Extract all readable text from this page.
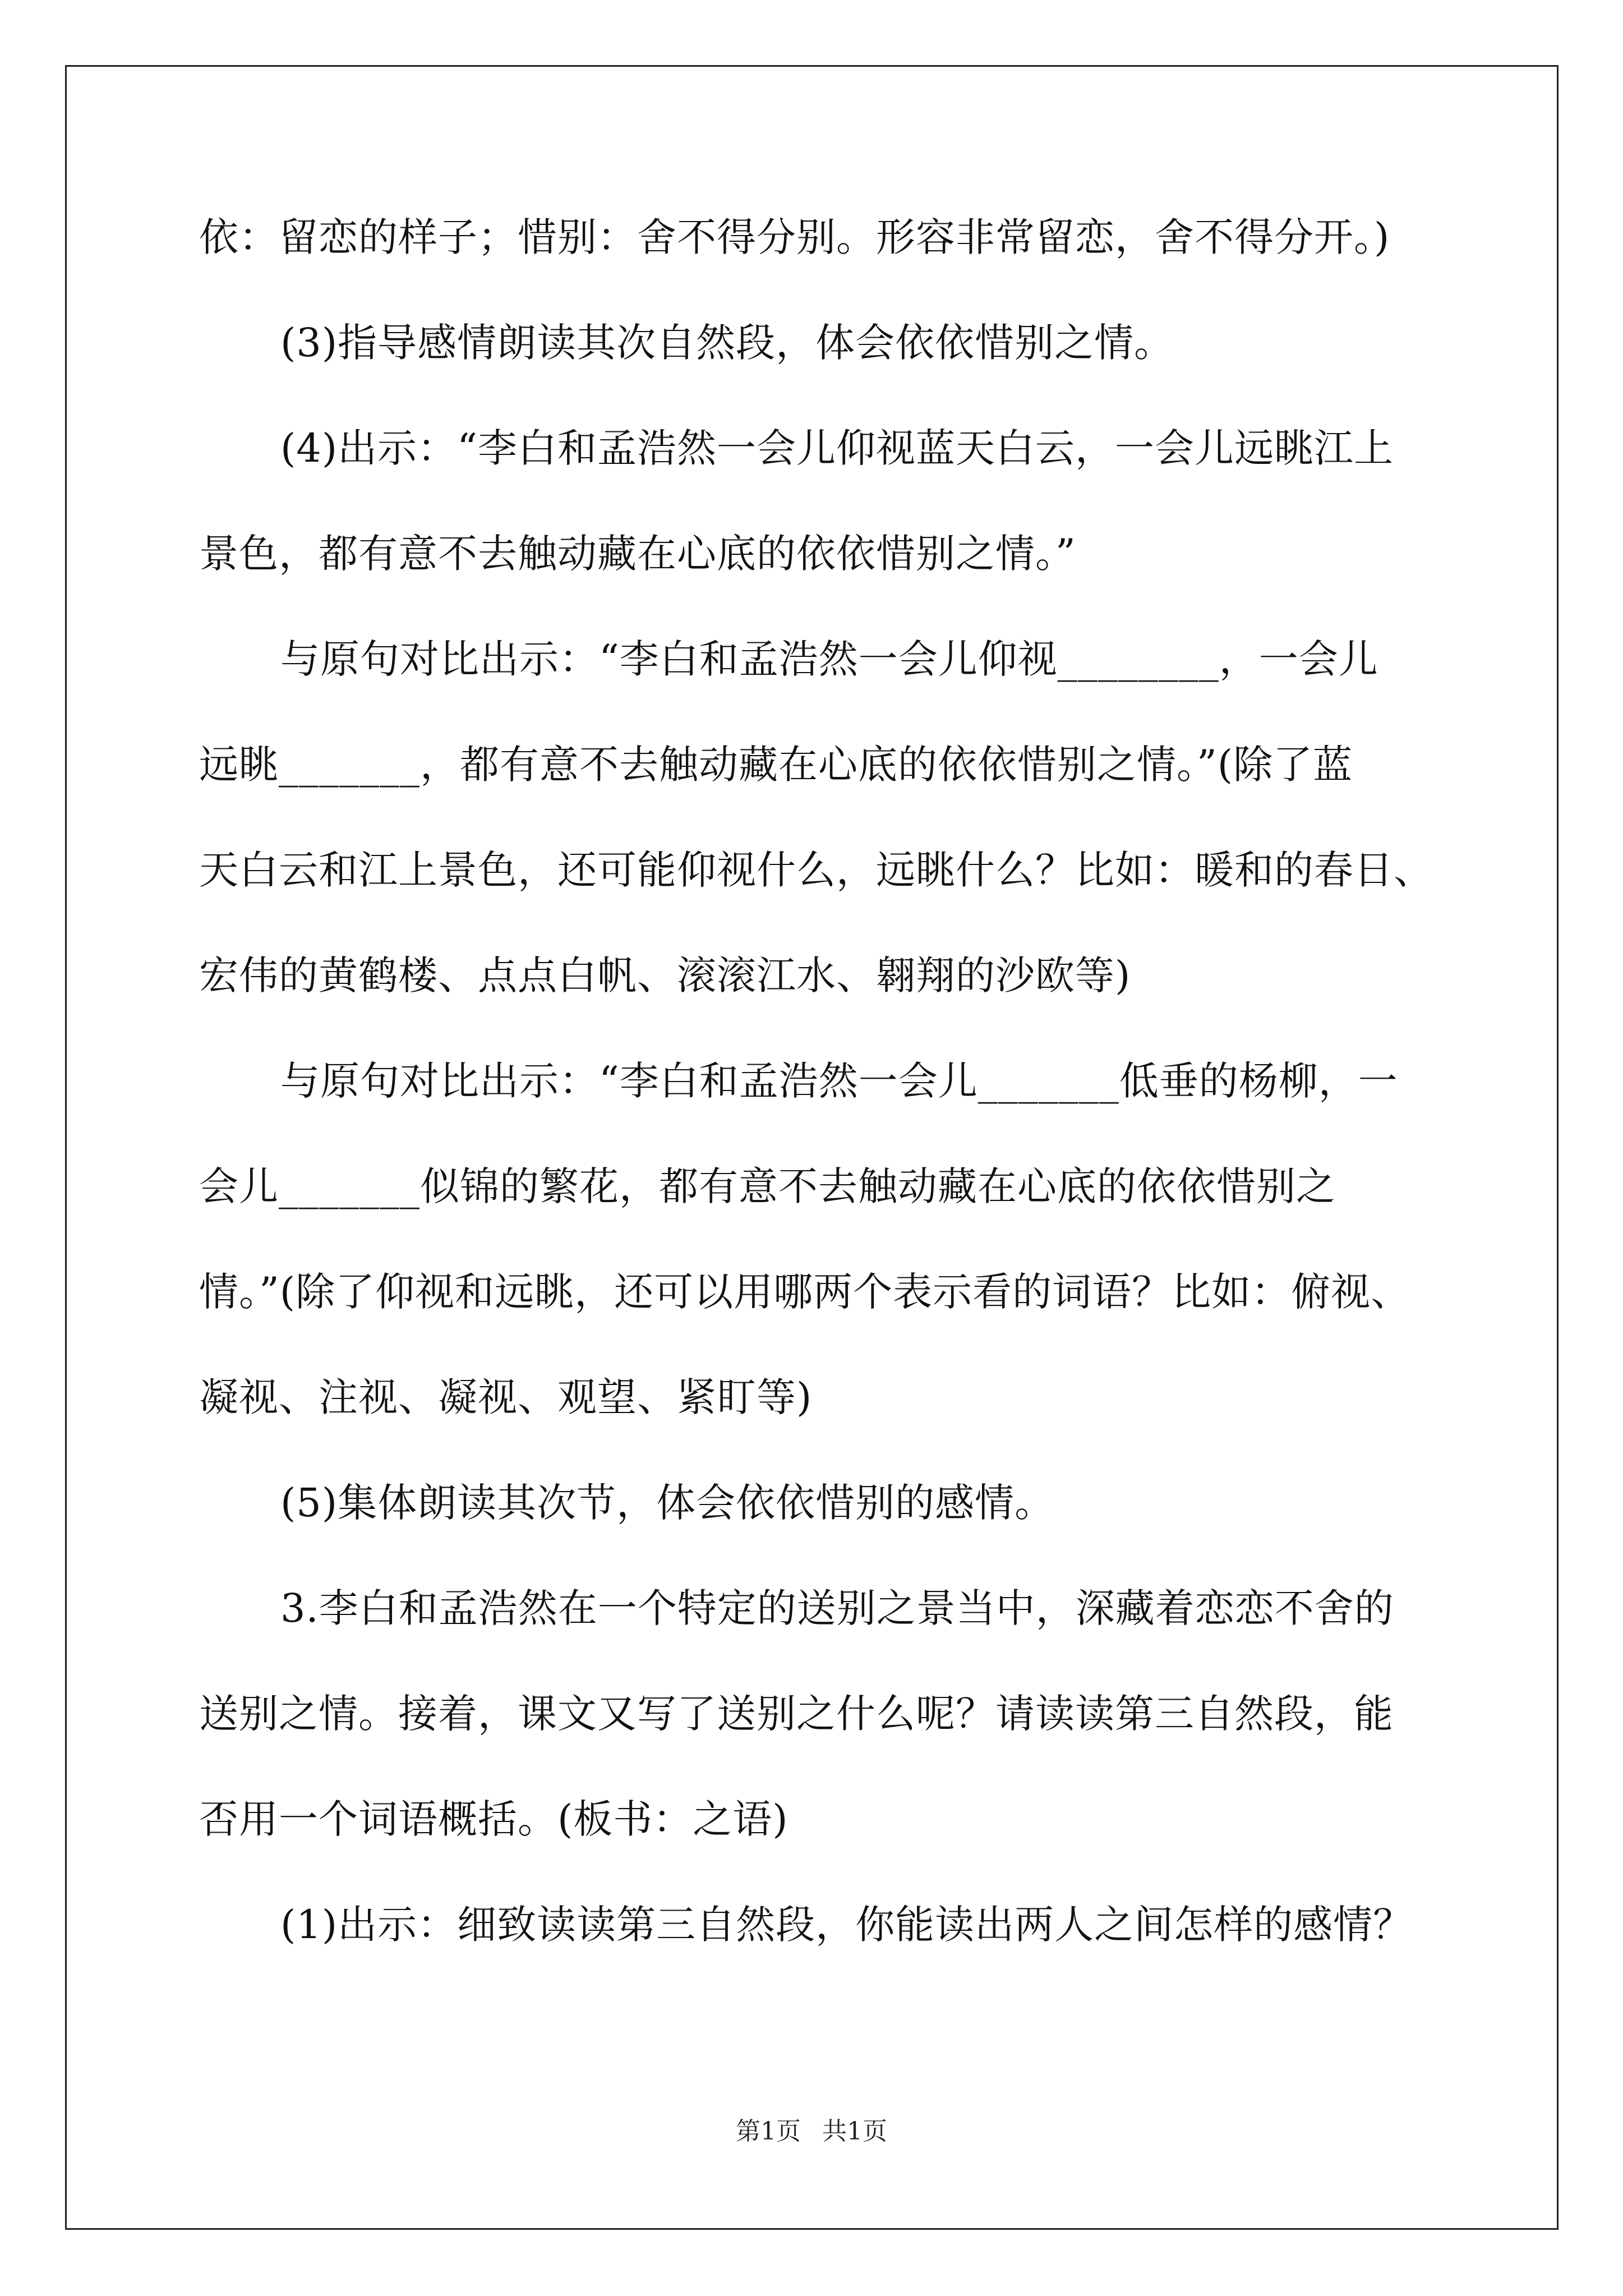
依：留恋的样子；惜别：舍不得分别。形容非常留恋，舍不得分开。)
(3)指导感情朗读其次自然段，体会依依惜别之情。
(4)出示：“李白和孟浩然一会儿仰视蓝天白云，一会儿远眺江上
景色，都有意不去触动藏在心底的依依惜别之情。”
与原句对比出示：“李白和孟浩然一会儿仰视________，一会儿
远眺_______，都有意不去触动藏在心底的依依惜别之情。”(除了蓝
天白云和江上景色，还可能仰视什么，远眺什么？比如：暖和的春日、
宏伟的黄鹤楼、点点白帆、滚滚江水、翱翔的沙欧等)
与原句对比出示：“李白和孟浩然一会儿_______低垂的杨柳，一
会儿_______似锦的繁花，都有意不去触动藏在心底的依依惜别之
情。”(除了仰视和远眺，还可以用哪两个表示看的词语？比如：俯视、
凝视、注视、凝视、观望、紧盯等)
(5)集体朗读其次节，体会依依惜别的感情。
3.李白和孟浩然在一个特定的送别之景当中，深藏着恋恋不舍的
送别之情。接着，课文又写了送别之什么呢？请读读第三自然段，能
否用一个词语概括。(板书：之语)
(1)出示：细致读读第三自然段，你能读出两人之间怎样的感情？
第1页 共1页
